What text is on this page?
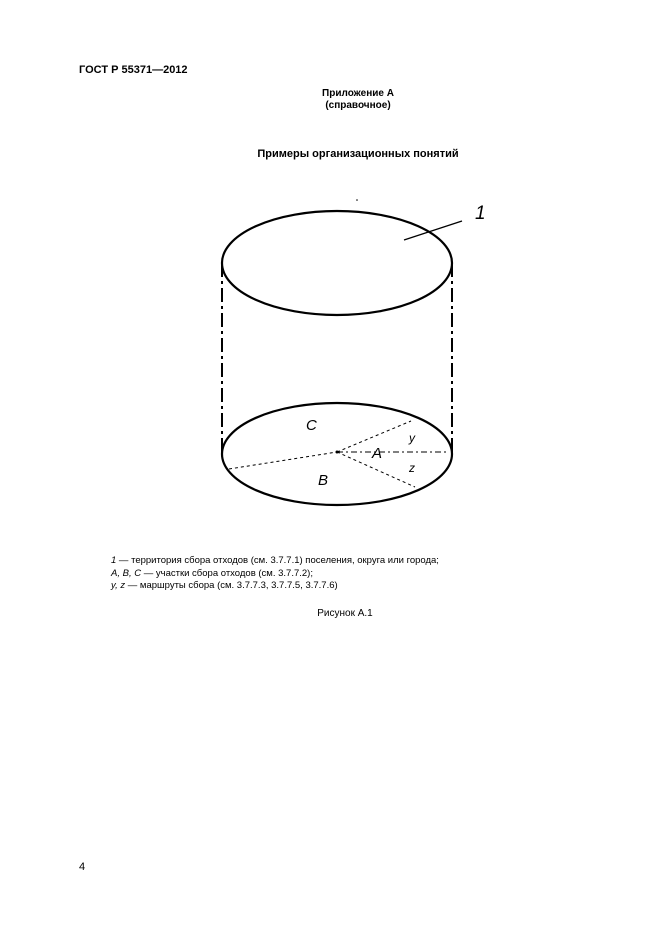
ГОСТ Р 55371—2012
Приложение А
(справочное)
Примеры организационных понятий
1
C
A
B
y
z
1 — территория сбора отходов (см. 3.7.7.1) поселения, округа или города;
А, В, С — участки сбора отходов (см. 3.7.7.2);
у, z — маршруты сбора (см. 3.7.7.3, 3.7.7.5, 3.7.7.6)
Рисунок А.1
4
